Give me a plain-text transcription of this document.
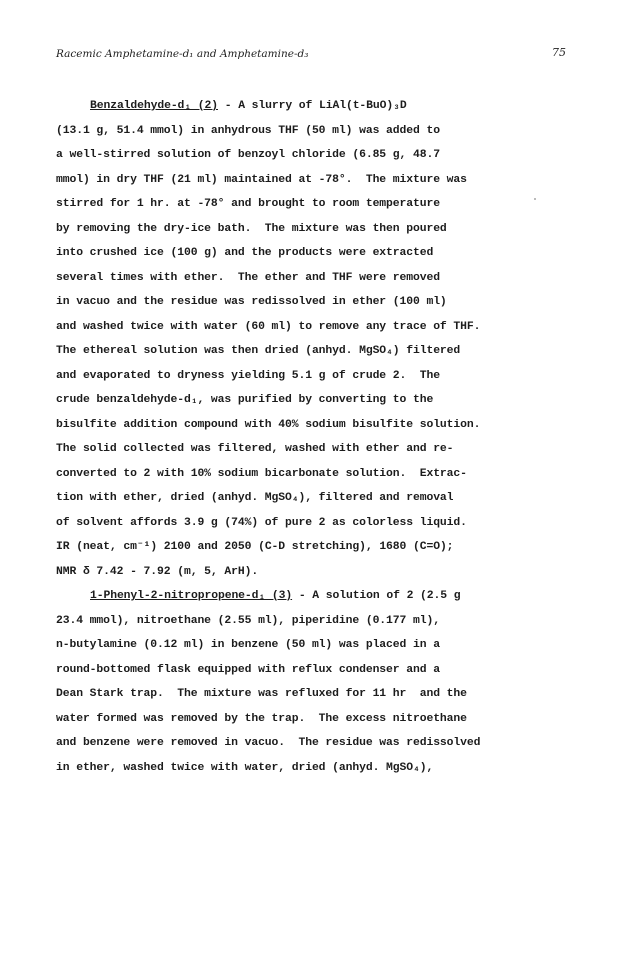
Racemic Amphetamine-d₁ and Amphetamine-d₃	75
Benzaldehyde-d₁ (2) - A slurry of LiAl(t-BuO)₃D
(13.1 g, 51.4 mmol) in anhydrous THF (50 ml) was added to
a well-stirred solution of benzoyl chloride (6.85 g, 48.7
mmol) in dry THF (21 ml) maintained at -78°.  The mixture was
stirred for 1 hr. at -78° and brought to room temperature
by removing the dry-ice bath.  The mixture was then poured
into crushed ice (100 g) and the products were extracted
several times with ether.  The ether and THF were removed
in vacuo and the residue was redissolved in ether (100 ml)
and washed twice with water (60 ml) to remove any trace of THF.
The ethereal solution was then dried (anhyd. MgSO₄) filtered
and evaporated to dryness yielding 5.1 g of crude 2.  The
crude benzaldehyde-d₁, was purified by converting to the
bisulfite addition compound with 40% sodium bisulfite solution.
The solid collected was filtered, washed with ether and re-
converted to 2 with 10% sodium bicarbonate solution.  Extrac-
tion with ether, dried (anhyd. MgSO₄), filtered and removal
of solvent affords 3.9 g (74%) of pure 2 as colorless liquid.
IR (neat, cm⁻¹) 2100 and 2050 (C-D stretching), 1680 (C=O);
NMR δ 7.42 - 7.92 (m, 5, ArH).
1-Phenyl-2-nitropropene-d₁ (3) - A solution of 2 (2.5 g
23.4 mmol), nitroethane (2.55 ml), piperidine (0.177 ml),
n-butylamine (0.12 ml) in benzene (50 ml) was placed in a
round-bottomed flask equipped with reflux condenser and a
Dean Stark trap.  The mixture was refluxed for 11 hr  and the
water formed was removed by the trap.  The excess nitroethane
and benzene were removed in vacuo.  The residue was redissolved
in ether, washed twice with water, dried (anhyd. MgSO₄),
